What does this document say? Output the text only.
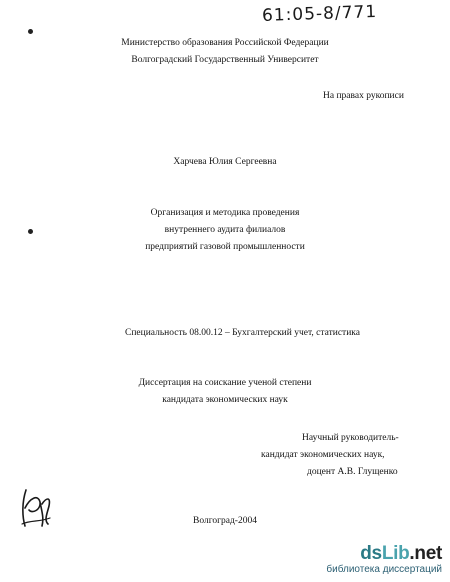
61:05-8/771
Министерство образования Российской Федерации
Волгоградский Государственный Университет
На правах рукописи
Харчева Юлия Сергеевна
Организация и методика проведения
внутреннего аудита филиалов
предприятий газовой промышленности
Специальность 08.00.12 – Бухгалтерский учет, статистика
Диссертация на соискание ученой степени
кандидата экономических наук
Научный руководитель-
кандидат экономических наук,
доцент А.В. Глущенко
Волгоград-2004
dsLib.net
библиотека диссертаций
